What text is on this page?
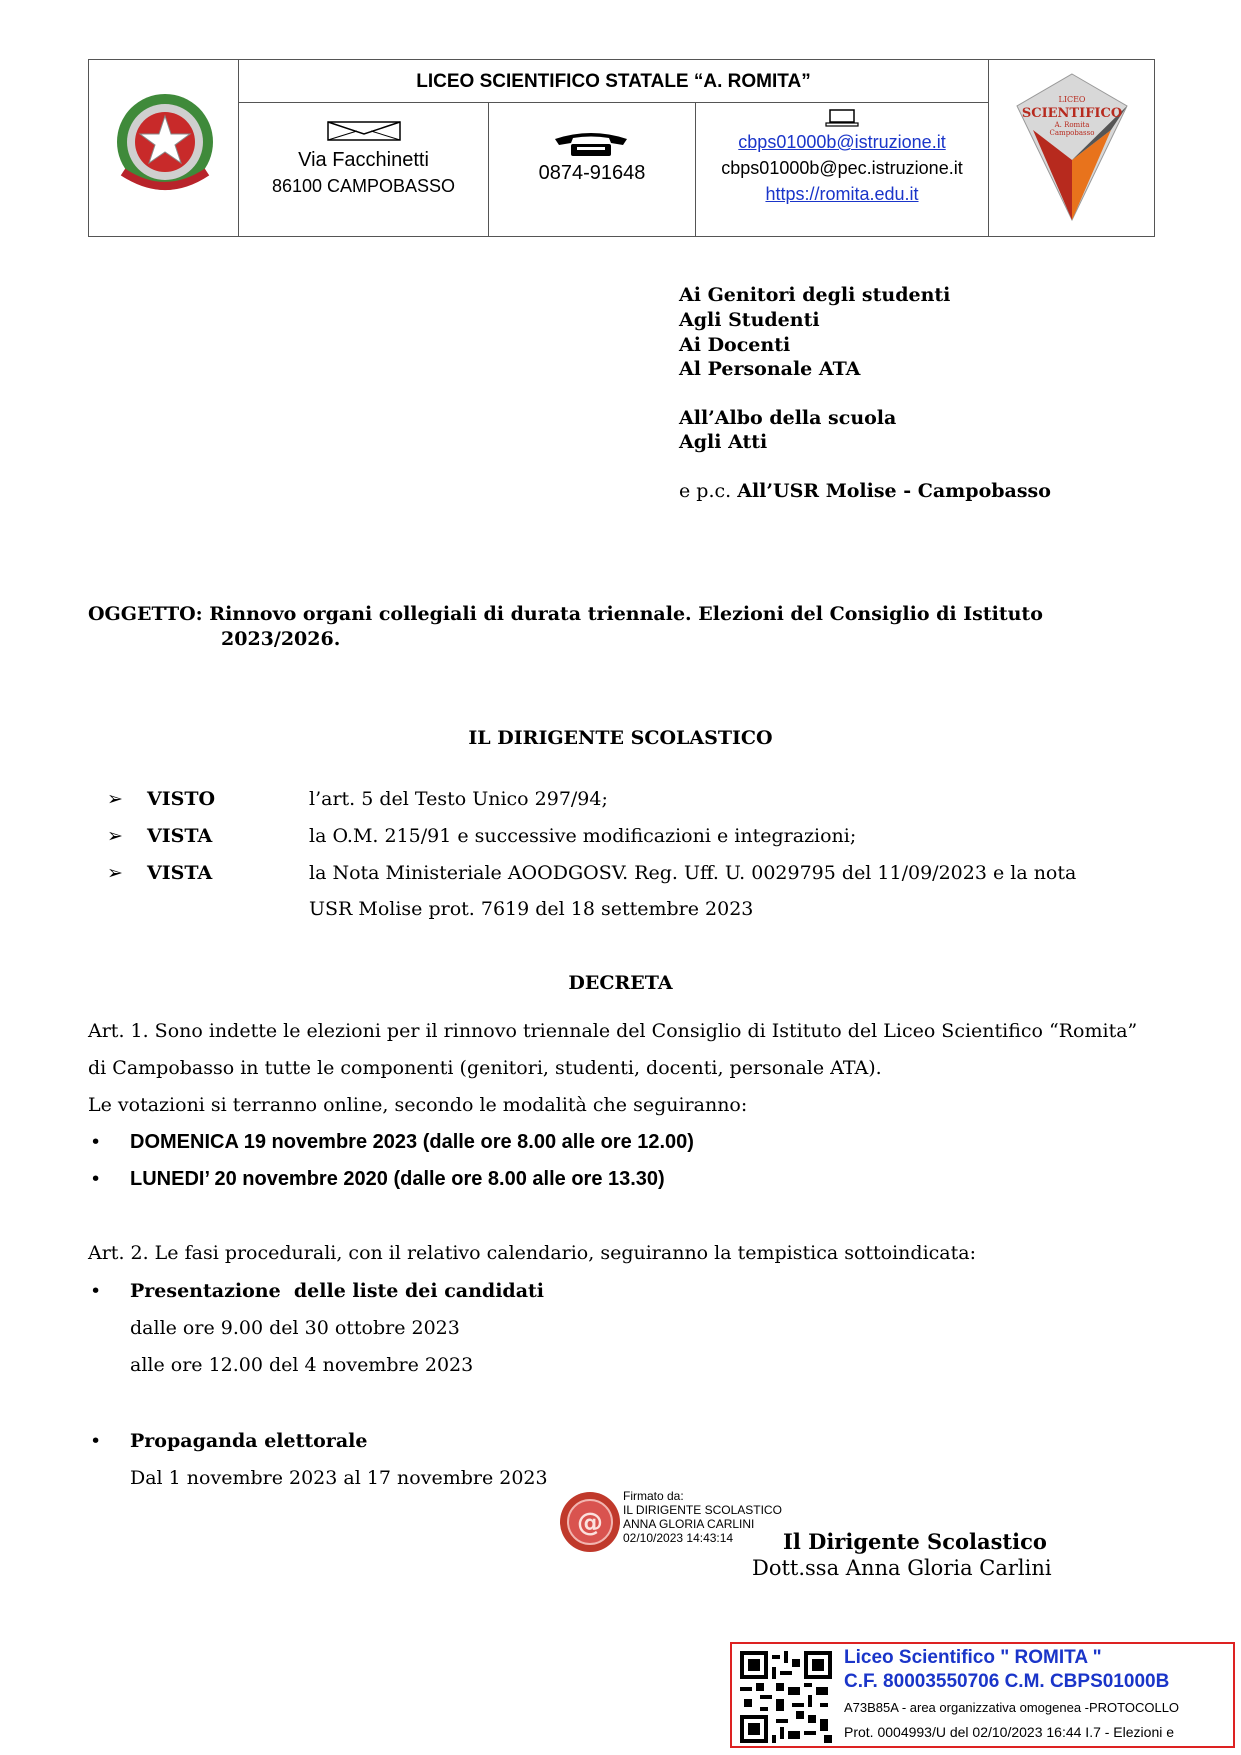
LICEO SCIENTIFICO STATALE “A. ROMITA”
Via Facchinetti
86100 CAMPOBASSO
0874-91648
cbps01000b@istruzione.it
cbps01000b@pec.istruzione.it
https://romita.edu.it
LICEO
SCIENTIFICO
A. Romita
Campobasso
Ai Genitori degli studenti
Agli Studenti
Ai Docenti
Al Personale ATA
All’Albo della scuola
Agli Atti
e p.c. All’USR Molise - Campobasso
OGGETTO: Rinnovo organi collegiali di durata triennale. Elezioni del Consiglio di Istituto
2023/2026.
IL DIRIGENTE SCOLASTICO
➢ VISTO	l’art. 5 del Testo Unico 297/94;
➢ VISTA	la O.M. 215/91 e successive modificazioni e integrazioni;
➢ VISTA	la Nota Ministeriale AOODGOSV. Reg. Uff. U. 0029795 del 11/09/2023 e la nota
USR Molise prot. 7619 del 18 settembre 2023
DECRETA
Art. 1. Sono indette le elezioni per il rinnovo triennale del Consiglio di Istituto del Liceo Scientifico “Romita”
di Campobasso in tutte le componenti (genitori, studenti, docenti, personale ATA).
Le votazioni si terranno online, secondo le modalità che seguiranno:
• DOMENICA 19 novembre 2023 (dalle ore 8.00 alle ore 12.00)
• LUNEDI’ 20 novembre 2020 (dalle ore 8.00 alle ore 13.30)
Art. 2. Le fasi procedurali, con il relativo calendario, seguiranno la tempistica sottoindicata:
• Presentazione  delle liste dei candidati
dalle ore 9.00 del 30 ottobre 2023
alle ore 12.00 del 4 novembre 2023
• Propaganda elettorale
Dal 1 novembre 2023 al 17 novembre 2023
@
Firmato da:
IL DIRIGENTE SCOLASTICO
ANNA GLORIA CARLINI
02/10/2023 14:43:14	Il Dirigente Scolastico
Dott.ssa Anna Gloria Carlini
Liceo Scientifico " ROMITA "
C.F. 80003550706 C.M. CBPS01000B
A73B85A - area organizzativa omogenea -PROTOCOLLO
Prot. 0004993/U del 02/10/2023 16:44 I.7 - Elezioni e
